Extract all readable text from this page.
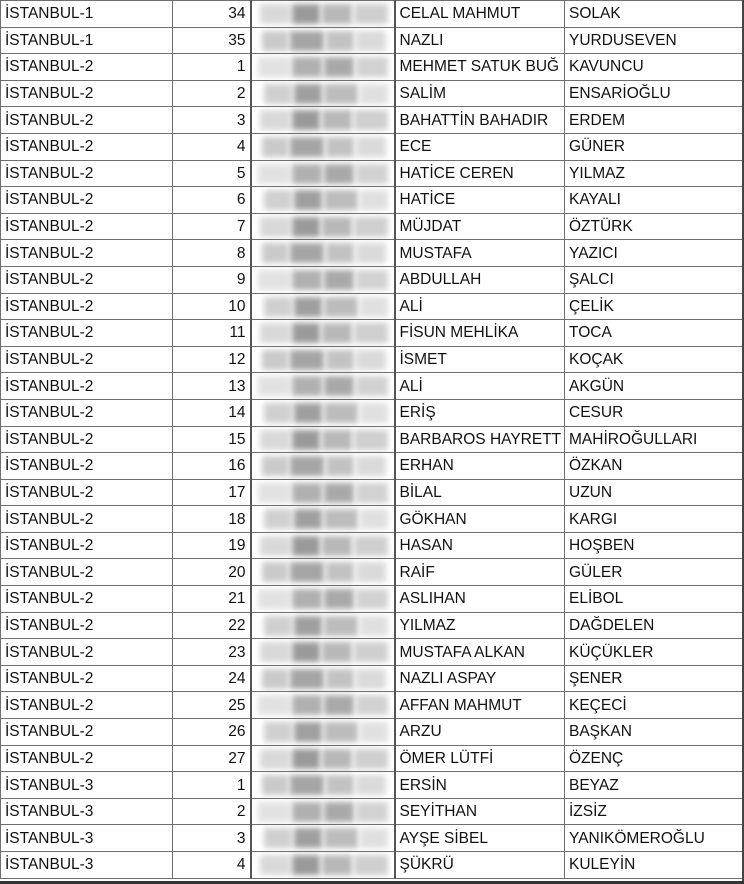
İSTANBUL-1	34		CELAL MAHMUT	SOLAK
İSTANBUL-1	35		NAZLI	YURDUSEVEN
İSTANBUL-2	1		MEHMET SATUK BUĞ	KAVUNCU
İSTANBUL-2	2		SALİM	ENSARİOĞLU
İSTANBUL-2	3		BAHATTİN BAHADIR	ERDEM
İSTANBUL-2	4		ECE	GÜNER
İSTANBUL-2	5		HATİCE CEREN	YILMAZ
İSTANBUL-2	6		HATİCE	KAYALI
İSTANBUL-2	7		MÜJDAT	ÖZTÜRK
İSTANBUL-2	8		MUSTAFA	YAZICI
İSTANBUL-2	9		ABDULLAH	ŞALCI
İSTANBUL-2	10		ALİ	ÇELİK
İSTANBUL-2	11		FİSUN MEHLİKA	TOCA
İSTANBUL-2	12		İSMET	KOÇAK
İSTANBUL-2	13		ALİ	AKGÜN
İSTANBUL-2	14		ERİŞ	CESUR
İSTANBUL-2	15		BARBAROS HAYRETT	MAHİROĞULLARI
İSTANBUL-2	16		ERHAN	ÖZKAN
İSTANBUL-2	17		BİLAL	UZUN
İSTANBUL-2	18		GÖKHAN	KARGI
İSTANBUL-2	19		HASAN	HOŞBEN
İSTANBUL-2	20		RAİF	GÜLER
İSTANBUL-2	21		ASLIHAN	ELİBOL
İSTANBUL-2	22		YILMAZ	DAĞDELEN
İSTANBUL-2	23		MUSTAFA ALKAN	KÜÇÜKLER
İSTANBUL-2	24		NAZLI ASPAY	ŞENER
İSTANBUL-2	25		AFFAN MAHMUT	KEÇECİ
İSTANBUL-2	26		ARZU	BAŞKAN
İSTANBUL-2	27		ÖMER LÜTFİ	ÖZENÇ
İSTANBUL-3	1		ERSİN	BEYAZ
İSTANBUL-3	2		SEYİTHAN	İZSİZ
İSTANBUL-3	3		AYŞE SİBEL	YANIKÖMEROĞLU
İSTANBUL-3	4		ŞÜKRÜ	KULEYİN
